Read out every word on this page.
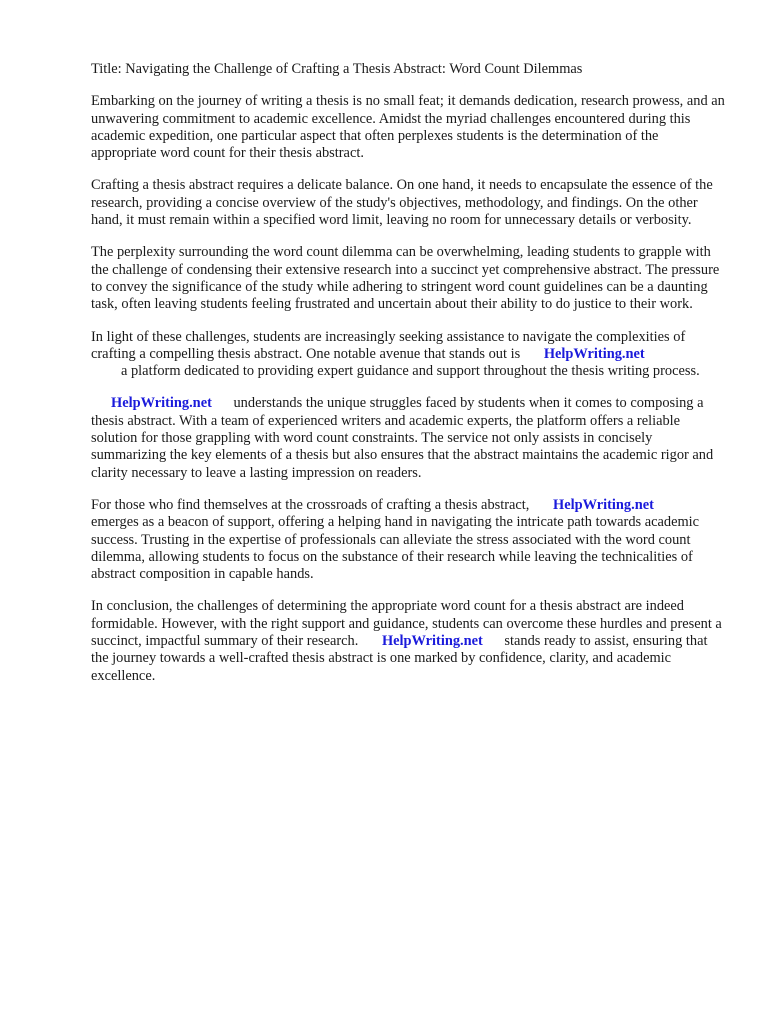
Title: Navigating the Challenge of Crafting a Thesis Abstract: Word Count Dilemmas

Embarking on the journey of writing a thesis is no small feat; it demands dedication, research prowess, and an unwavering commitment to academic excellence. Amidst the myriad challenges encountered during this academic expedition, one particular aspect that often perplexes students is the determination of the appropriate word count for their thesis abstract.

Crafting a thesis abstract requires a delicate balance. On one hand, it needs to encapsulate the essence of the research, providing a concise overview of the study's objectives, methodology, and findings. On the other hand, it must remain within a specified word limit, leaving no room for unnecessary details or verbosity.

The perplexity surrounding the word count dilemma can be overwhelming, leading students to grapple with the challenge of condensing their extensive research into a succinct yet comprehensive abstract. The pressure to convey the significance of the study while adhering to stringent word count guidelines can be a daunting task, often leaving students feeling frustrated and uncertain about their ability to do justice to their work.

In light of these challenges, students are increasingly seeking assistance to navigate the complexities of crafting a compelling thesis abstract. One notable avenue that stands out is HelpWriting.net
a platform dedicated to providing expert guidance and support throughout the thesis writing process.

HelpWriting.net understands the unique struggles faced by students when it comes to composing a thesis abstract. With a team of experienced writers and academic experts, the platform offers a reliable solution for those grappling with word count constraints. The service not only assists in concisely summarizing the key elements of a thesis but also ensures that the abstract maintains the academic rigor and clarity necessary to leave a lasting impression on readers.

For those who find themselves at the crossroads of crafting a thesis abstract, HelpWriting.net
emerges as a beacon of support, offering a helping hand in navigating the intricate path towards academic success. Trusting in the expertise of professionals can alleviate the stress associated with the word count dilemma, allowing students to focus on the substance of their research while leaving the technicalities of abstract composition in capable hands.

In conclusion, the challenges of determining the appropriate word count for a thesis abstract are indeed formidable. However, with the right support and guidance, students can overcome these hurdles and present a succinct, impactful summary of their research. HelpWriting.net stands ready to assist, ensuring that the journey towards a well-crafted thesis abstract is one marked by confidence, clarity, and academic excellence.
